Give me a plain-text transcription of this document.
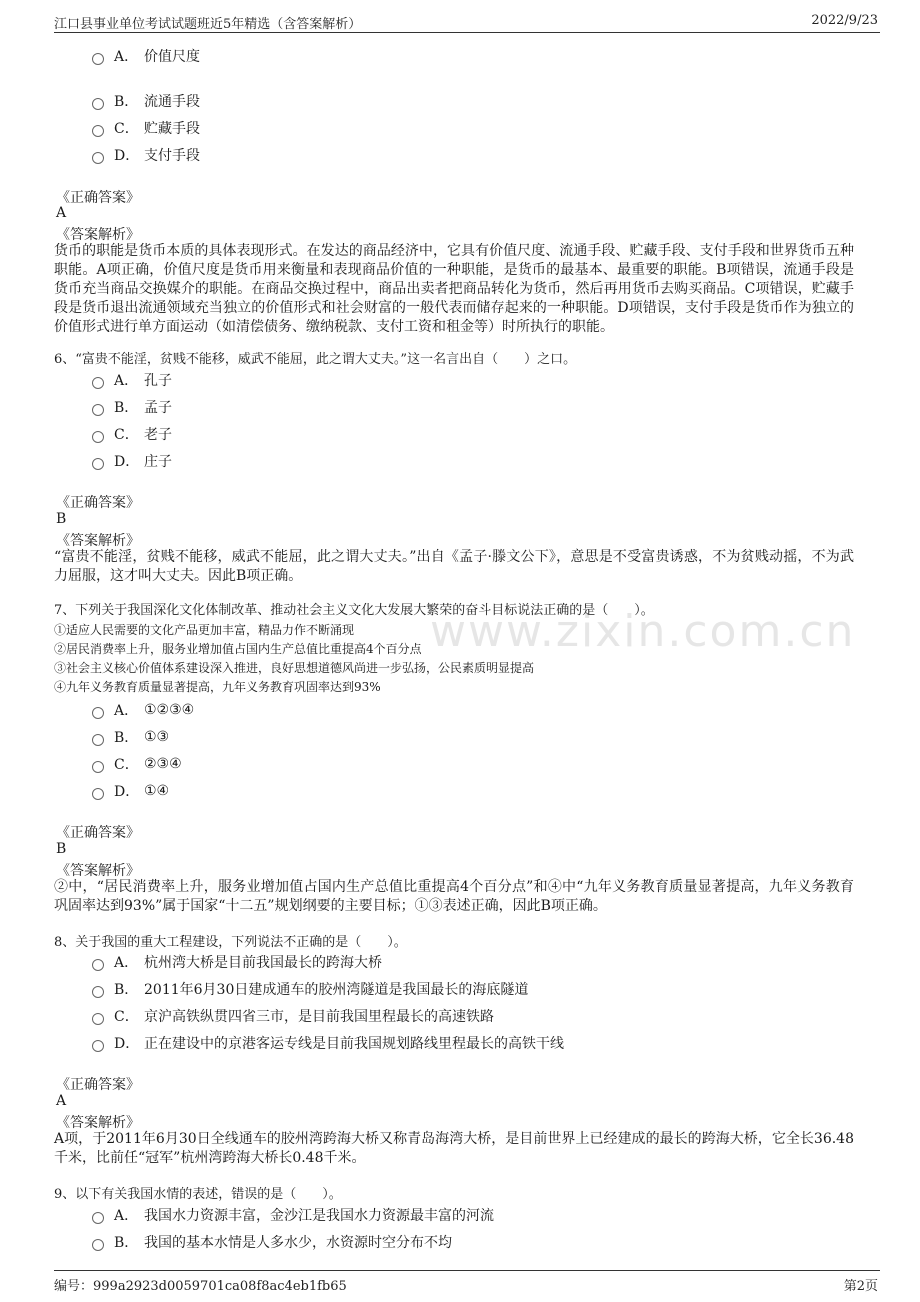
江口县事业单位考试试题班近5年精选（含答案解析）	2022/9/23
www.zixin.com.cn
A． 价值尺度
B． 流通手段
C． 贮藏手段
D． 支付手段
《正确答案》
A
《答案解析》
货币的职能是货币本质的具体表现形式。在发达的商品经济中，它具有价值尺度、流通手段、贮藏手段、支付手段和世界货币五种职能。A项正确，价值尺度是货币用来衡量和表现商品价值的一种职能，是货币的最基本、最重要的职能。B项错误，流通手段是货币充当商品交换媒介的职能。在商品交换过程中，商品出卖者把商品转化为货币，然后再用货币去购买商品。C项错误，贮藏手段是货币退出流通领域充当独立的价值形式和社会财富的一般代表而储存起来的一种职能。D项错误，支付手段是货币作为独立的价值形式进行单方面运动（如清偿债务、缴纳税款、支付工资和租金等）时所执行的职能。
6、“富贵不能淫，贫贱不能移，威武不能屈，此之谓大丈夫。”这一名言出自（　　）之口。
A． 孔子
B． 孟子
C． 老子
D． 庄子
《正确答案》
B
《答案解析》
“富贵不能淫，贫贱不能移，威武不能屈，此之谓大丈夫。”出自《孟子·滕文公下》，意思是不受富贵诱惑，不为贫贱动摇，不为武力屈服，这才叫大丈夫。因此B项正确。
7、下列关于我国深化文化体制改革、推动社会主义文化大发展大繁荣的奋斗目标说法正确的是（　　）。
①适应人民需要的文化产品更加丰富，精品力作不断涌现
②居民消费率上升，服务业增加值占国内生产总值比重提高4个百分点
③社会主义核心价值体系建设深入推进，良好思想道德风尚进一步弘扬，公民素质明显提高
④九年义务教育质量显著提高，九年义务教育巩固率达到93%
A． ①②③④
B． ①③
C． ②③④
D． ①④
《正确答案》
B
《答案解析》
②中，“居民消费率上升，服务业增加值占国内生产总值比重提高4个百分点”和④中“九年义务教育质量显著提高，九年义务教育巩固率达到93%”属于国家“十二五”规划纲要的主要目标；①③表述正确，因此B项正确。
8、关于我国的重大工程建设，下列说法不正确的是（　　）。
A． 杭州湾大桥是目前我国最长的跨海大桥
B． 2011年6月30日建成通车的胶州湾隧道是我国最长的海底隧道
C． 京沪高铁纵贯四省三市，是目前我国里程最长的高速铁路
D． 正在建设中的京港客运专线是目前我国规划路线里程最长的高铁干线
《正确答案》
A
《答案解析》
A项，于2011年6月30日全线通车的胶州湾跨海大桥又称青岛海湾大桥，是目前世界上已经建成的最长的跨海大桥，它全长36.48千米，比前任“冠军”杭州湾跨海大桥长0.48千米。
9、以下有关我国水情的表述，错误的是（　　）。
A． 我国水力资源丰富，金沙江是我国水力资源最丰富的河流
B． 我国的基本水情是人多水少，水资源时空分布不均
编号：999a2923d0059701ca08f8ac4eb1fb65	第2页
